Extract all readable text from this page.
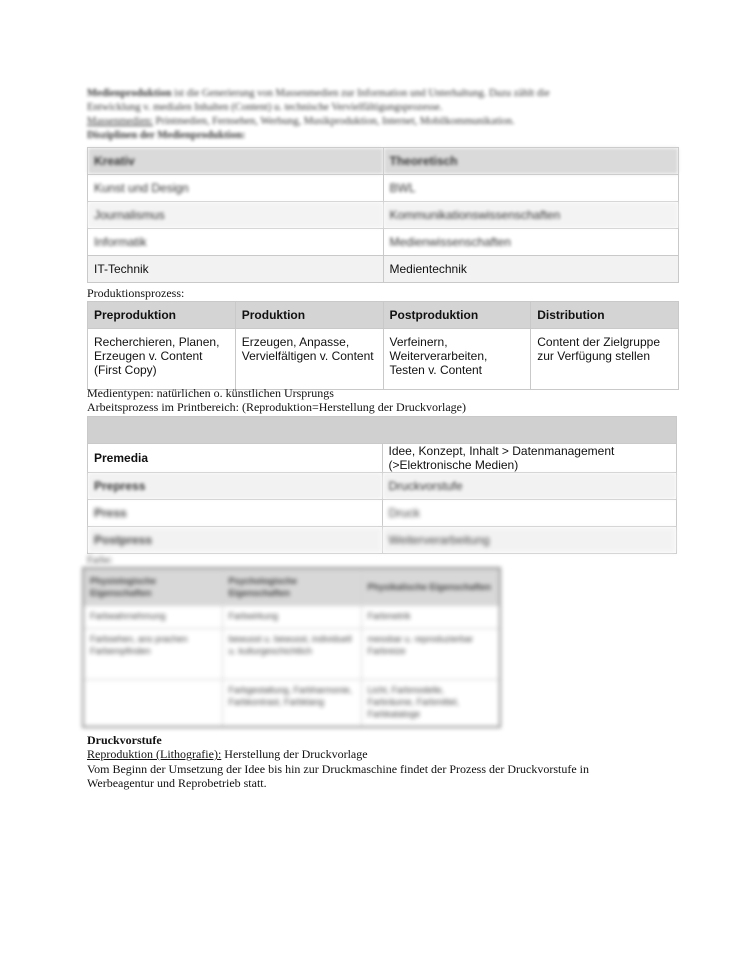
Medienproduktion ist die Generierung von Massenmedien zur Information und Unterhaltung. Dazu zählt die
Entwicklung v. medialen Inhalten (Content) u. technische Vervielfältigungsprozesse.
Massenmedien: Printmedien, Fernsehen, Werbung, Musikproduktion, Internet, Mobilkommunikation.
Disziplinen der Medienproduktion:
Kreativ	Theoretisch
Kunst und Design	BWL
Journalismus	Kommunikationswissenschaften
Informatik	Medienwissenschaften
IT-Technik	Medientechnik
Produktionsprozess:
Preproduktion	Produktion	Postproduktion	Distribution
Recherchieren, Planen, Erzeugen v. Content (First Copy)	Erzeugen, Anpasse, Vervielfältigen v. Content	Verfeinern, Weiterverarbeiten, Testen v. Content	Content der Zielgruppe zur Verfügung stellen
Medientypen: natürlichen o. künstlichen Ursprungs
Arbeitsprozess im Printbereich: (Reproduktion=Herstellung der Druckvorlage)

Premedia	Idee, Konzept, Inhalt > Datenmanagement (>Elektronische Medien)
Prepress	Druckvorstufe
Press	Druck
Postpress	Weiterverarbeitung
Farbe:
Physiologische Eigenschaften	Psychologische Eigenschaften	Physikalische Eigenschaften
Farbwahrnehmung	Farbwirkung	Farbmetrik
Farbsehen, ans prachen Farbempfinden	bewusst u. bewusst, individuell u. kulturgeschichtlich	messbar u. reproduzierbar Farbreize
	Farbgestaltung, Farbharmonie, Farbkontrast, Farbklang	Licht, Farbmodelle, Farbräume, Farbmittel, Farbkataloge
Druckvorstufe
Reproduktion (Lithografie): Herstellung der Druckvorlage
Vom Beginn der Umsetzung der Idee bis hin zur Druckmaschine findet der Prozess der Druckvorstufe in
Werbeagentur und Reprobetrieb statt.
